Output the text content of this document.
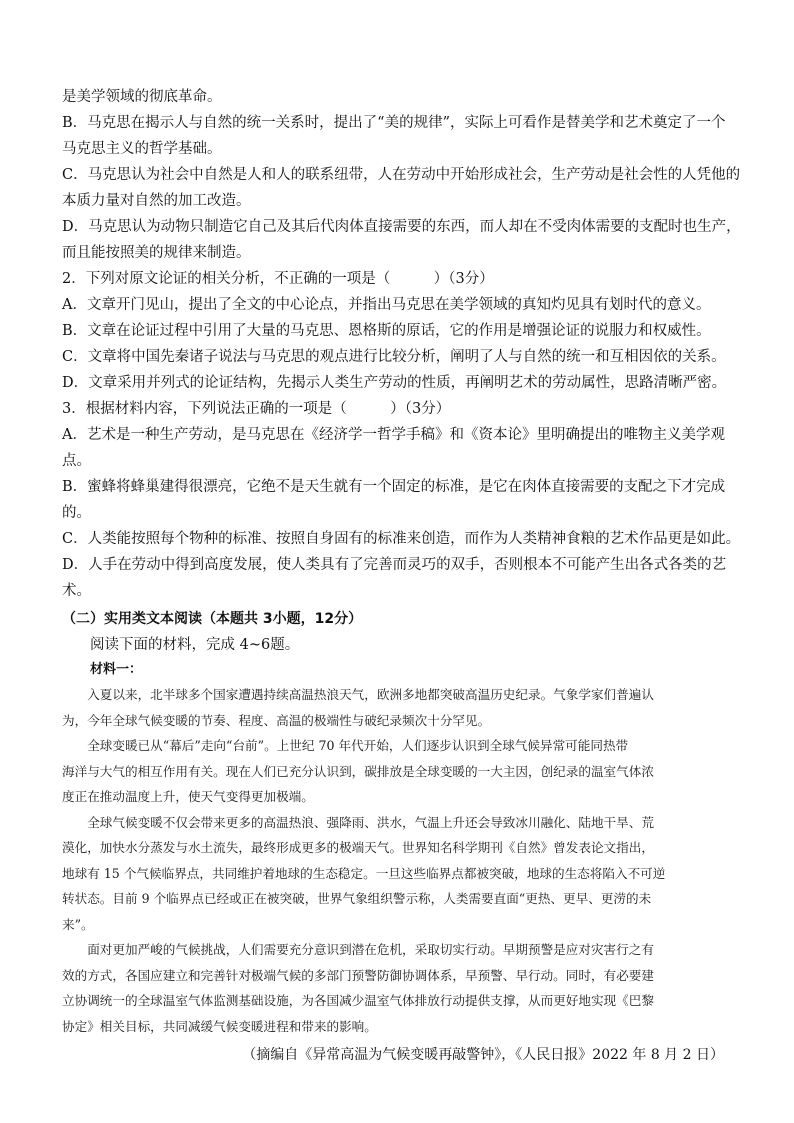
是美学领域的彻底革命。
B．马克思在揭示人与自然的统一关系时，提出了“美的规律”，实际上可看作是替美学和艺术奠定了一个
马克思主义的哲学基础。
C．马克思认为社会中自然是人和人的联系纽带，人在劳动中开始形成社会，生产劳动是社会性的人凭他的
本质力量对自然的加工改造。
D．马克思认为动物只制造它自己及其后代肉体直接需要的东西，而人却在不受肉体需要的支配时也生产，
而且能按照美的规律来制造。
2．下列对原文论证的相关分析，不正确的一项是（　　　）（3分）
A．文章开门见山，提出了全文的中心论点，并指出马克思在美学领域的真知灼见具有划时代的意义。
B．文章在论证过程中引用了大量的马克思、恩格斯的原话，它的作用是增强论证的说服力和权威性。
C．文章将中国先秦诸子说法与马克思的观点进行比较分析，阐明了人与自然的统一和互相因依的关系。
D．文章采用并列式的论证结构，先揭示人类生产劳动的性质，再阐明艺术的劳动属性，思路清晰严密。
3．根据材料内容，下列说法正确的一项是（　　　）（3分）
A．艺术是一种生产劳动，是马克思在《经济学一哲学手稿》和《资本论》里明确提出的唯物主义美学观
点。
B．蜜蜂将蜂巢建得很漂亮，它绝不是天生就有一个固定的标准，是它在肉体直接需要的支配之下才完成
的。
C．人类能按照每个物种的标准、按照自身固有的标准来创造，而作为人类精神食粮的艺术作品更是如此。
D．人手在劳动中得到高度发展，使人类具有了完善而灵巧的双手，否则根本不可能产生出各式各类的艺
术。
（二）实用类文本阅读（本题共 3小题，12分）
阅读下面的材料，完成 4~6题。
材料一：
　　入夏以来，北半球多个国家遭遇持续高温热浪天气，欧洲多地都突破高温历史纪录。气象学家们普遍认
为，今年全球气候变暖的节奏、程度、高温的极端性与破纪录频次十分罕见。
　　全球变暖已从“幕后”走向“台前”。上世纪 70 年代开始，人们逐步认识到全球气候异常可能同热带
海洋与大气的相互作用有关。现在人们已充分认识到，碳排放是全球变暖的一大主因，创纪录的温室气体浓
度正在推动温度上升，使天气变得更加极端。
　　全球气候变暖不仅会带来更多的高温热浪、强降雨、洪水，气温上升还会导致冰川融化、陆地干旱、荒
漠化，加快水分蒸发与水土流失，最终形成更多的极端天气。世界知名科学期刊《自然》曾发表论文指出，
地球有 15 个气候临界点，共同维护着地球的生态稳定。一旦这些临界点都被突破，地球的生态将陷入不可逆
转状态。目前 9 个临界点已经或正在被突破，世界气象组织警示称，人类需要直面“更热、更早、更涝的未
来”。
　　面对更加严峻的气候挑战，人们需要充分意识到潜在危机，采取切实行动。早期预警是应对灾害行之有
效的方式，各国应建立和完善针对极端气候的多部门预警防御协调体系，早预警、早行动。同时，有必要建
立协调统一的全球温室气体监测基础设施，为各国减少温室气体排放行动提供支撑，从而更好地实现《巴黎
协定》相关目标，共同减缓气候变暖进程和带来的影响。
（摘编自《异常高温为气候变暖再敲警钟》，《人民日报》2022 年 8 月 2 日）
